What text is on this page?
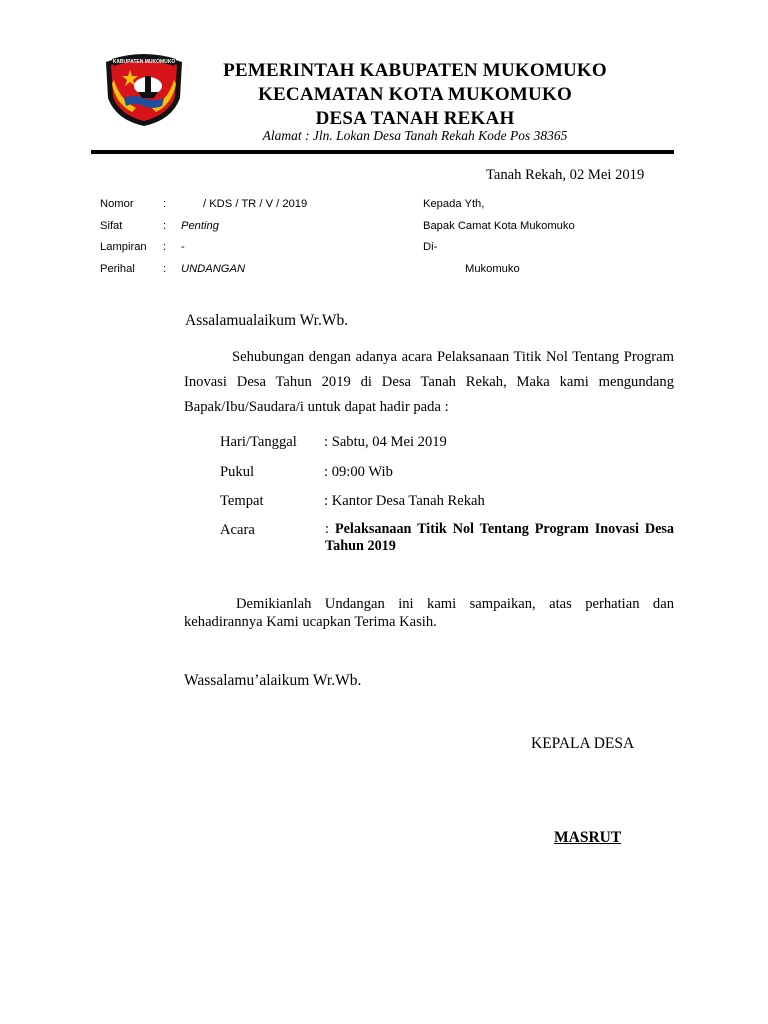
KABUPATEN MUKOMUKO	PEMERINTAH KABUPATEN MUKOMUKO
KECAMATAN KOTA MUKOMUKO
DESA TANAH REKAH
Alamat : Jln. Lokan Desa Tanah Rekah Kode Pos 38365
Tanah Rekah, 02 Mei 2019
Nomor	:	/ KDS / TR / V / 2019
Sifat	: Penting
Lampiran : -
Perihal	: UNDANGAN
Kepada Yth,
Bapak Camat Kota Mukomuko
Di-
Mukomuko
Assalamualaikum Wr.Wb.
Sehubungan dengan adanya acara Pelaksanaan Titik Nol Tentang Program Inovasi Desa Tahun 2019 di Desa Tanah Rekah, Maka kami mengundang Bapak/Ibu/Saudara/i untuk dapat hadir pada :
Hari/Tanggal : Sabtu, 04 Mei 2019
Pukul	: 09:00 Wib
Tempat	: Kantor Desa Tanah Rekah
Acara	: Pelaksanaan Titik Nol Tentang Program Inovasi Desa Tahun 2019
Demikianlah Undangan ini kami sampaikan, atas perhatian dan kehadirannya Kami ucapkan Terima Kasih.
Wassalamu’alaikum Wr.Wb.
KEPALA DESA
MASRUT
